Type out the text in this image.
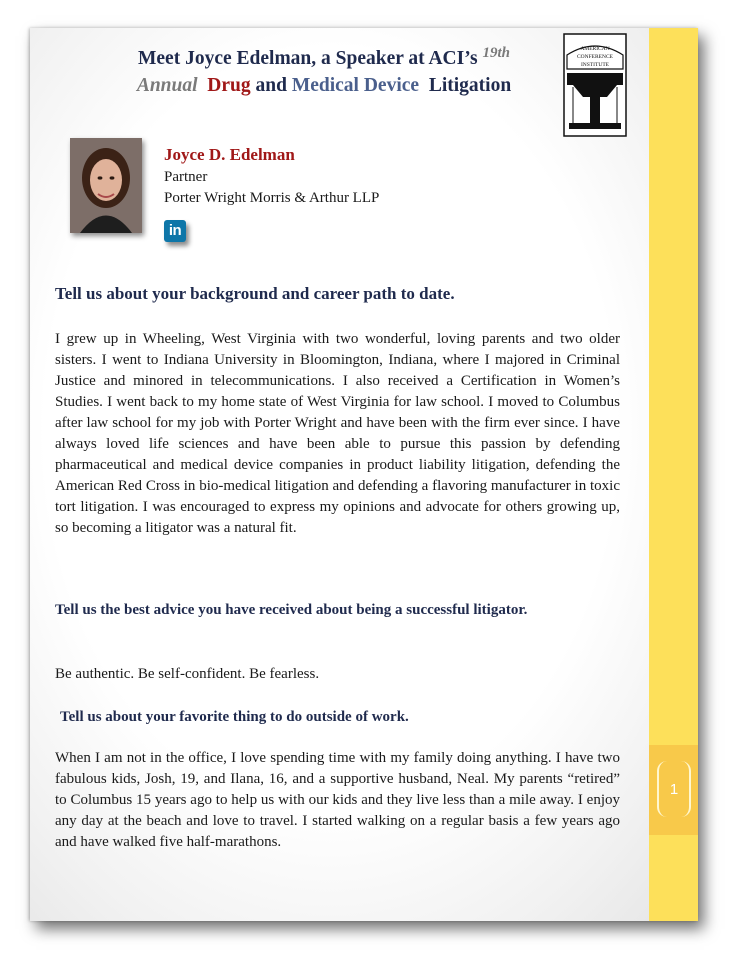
Meet Joyce Edelman, a Speaker at ACI’s $^{19th}$
Annual Drug and Medical Device Litigation
AMERICAN
CONFERENCE
INSTITUTE
Joyce D. Edelman
Partner
Porter Wright Morris & Arthur LLP
in
Tell us about your background and career path to date.
I grew up in Wheeling, West Virginia with two wonderful, loving parents and two older sisters. I went to Indiana University in Bloomington, Indiana, where I majored in Criminal Justice and minored in telecommunications. I also received a Certification in Women’s Studies. I went back to my home state of West Virginia for law school. I moved to Columbus after law school for my job with Porter Wright and have been with the firm ever since. I have always loved life sciences and have been able to pursue this passion by defending pharmaceutical and medical device companies in product liability litigation, defending the American Red Cross in bio-medical litigation and defending a flavoring manufacturer in toxic tort litigation. I was encouraged to express my opinions and advocate for others growing up, so becoming a litigator was a natural fit.
Tell us the best advice you have received about being a successful litigator.
Be authentic. Be self-confident. Be fearless.
Tell us about your favorite thing to do outside of work.
When I am not in the office, I love spending time with my family doing anything. I have two fabulous kids, Josh, 19, and Ilana, 16, and a supportive husband, Neal. My parents “retired” to Columbus 15 years ago to help us with our kids and they live less than a mile away. I enjoy any day at the beach and love to travel. I started walking on a regular basis a few years ago and have walked five half-marathons.
1
